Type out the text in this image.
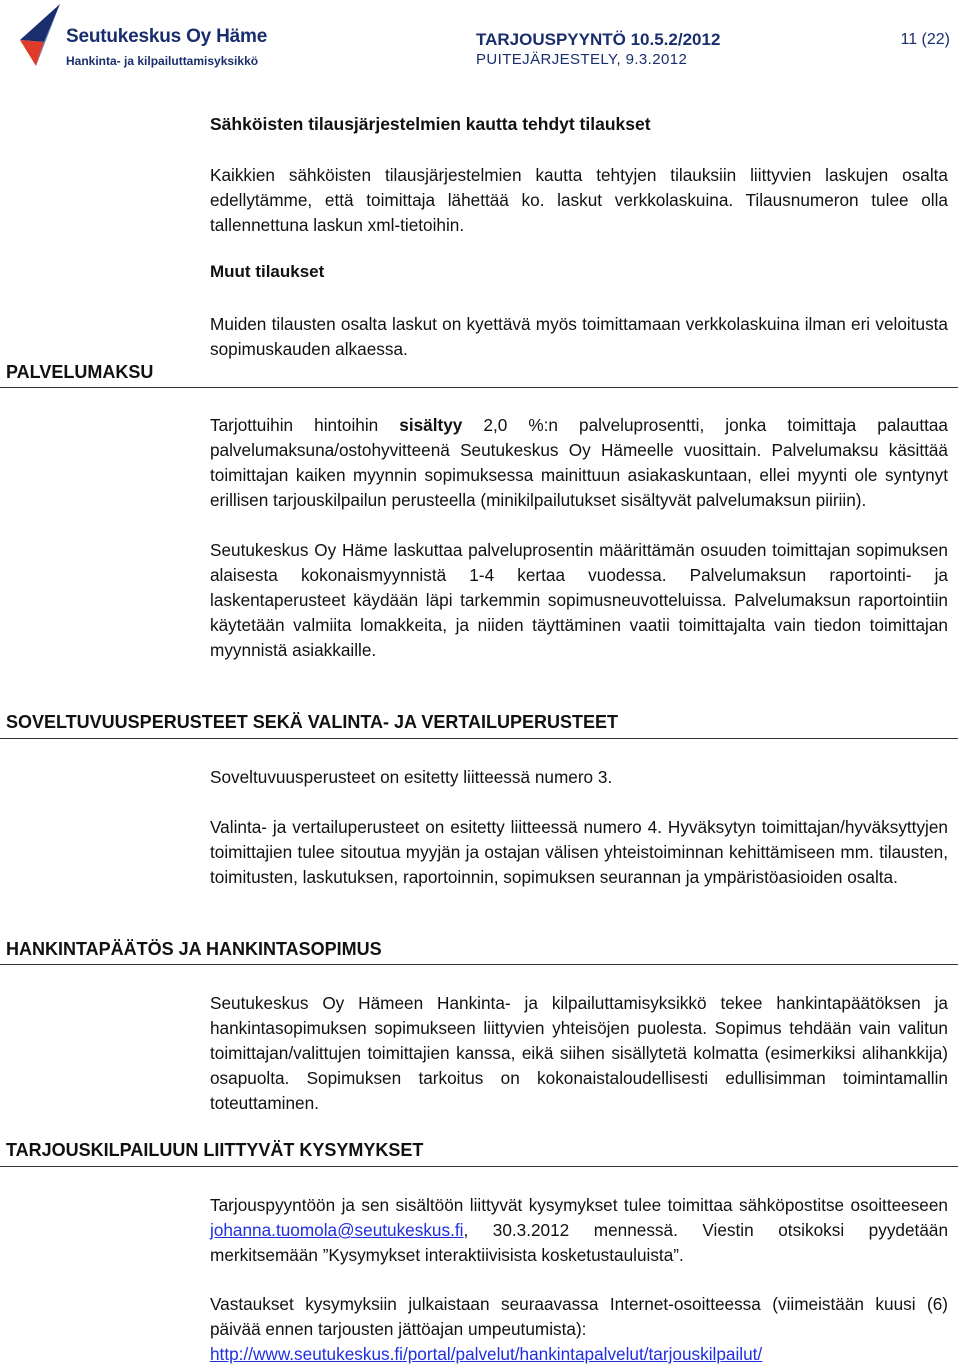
Seutukeskus Oy Häme
Hankinta- ja kilpailuttamisyksikkö
TARJOUSPYYNTÖ 10.5.2/2012
PUITEJÄRJESTELY, 9.3.2012
11 (22)
Sähköisten tilausjärjestelmien kautta tehdyt tilaukset
Kaikkien sähköisten tilausjärjestelmien kautta tehtyjen tilauksiin liittyvien laskujen osalta edellytämme, että toimittaja lähettää ko. laskut verkkolaskuina. Tilausnumeron tulee olla tallennettuna laskun xml-tietoihin.
Muut tilaukset
Muiden tilausten osalta laskut on kyettävä myös toimittamaan verkkolaskuina ilman eri veloitusta sopimuskauden alkaessa.
PALVELUMAKSU
Tarjottuihin hintoihin sisältyy 2,0 %:n palveluprosentti, jonka toimittaja palauttaa palvelumaksuna/ostohyvitteenä Seutukeskus Oy Hämeelle vuosittain. Palvelumaksu käsittää toimittajan kaiken myynnin sopimuksessa mainittuun asiakaskuntaan, ellei myynti ole syntynyt erillisen tarjouskilpailun perusteella (minikilpailutukset sisältyvät palvelumaksun piiriin).
Seutukeskus Oy Häme laskuttaa palveluprosentin määrittämän osuuden toimittajan sopimuksen alaisesta kokonaismyynnistä 1-4 kertaa vuodessa. Palvelumaksun raportointi- ja laskentaperusteet käydään läpi tarkemmin sopimusneuvotteluissa. Palvelumaksun raportointiin käytetään valmiita lomakkeita, ja niiden täyttäminen vaatii toimittajalta vain tiedon toimittajan myynnistä asiakkaille.
SOVELTUVUUSPERUSTEET SEKÄ VALINTA- JA VERTAILUPERUSTEET
Soveltuvuusperusteet on esitetty liitteessä numero 3.
Valinta- ja vertailuperusteet on esitetty liitteessä numero 4. Hyväksytyn toimittajan/hyväksyttyjen toimittajien tulee sitoutua myyjän ja ostajan välisen yhteistoiminnan kehittämiseen mm. tilausten, toimitusten, laskutuksen, raportoinnin, sopimuksen seurannan ja ympäristöasioiden osalta.
HANKINTAPÄÄTÖS JA HANKINTASOPIMUS
Seutukeskus Oy Hämeen Hankinta- ja kilpailuttamisyksikkö tekee hankintapäätöksen ja hankintasopimuksen sopimukseen liittyvien yhteisöjen puolesta. Sopimus tehdään vain valitun toimittajan/valittujen toimittajien kanssa, eikä siihen sisällytetä kolmatta (esimerkiksi alihankkija) osapuolta. Sopimuksen tarkoitus on kokonaistaloudellisesti edullisimman toimintamallin toteuttaminen.
TARJOUSKILPAILUUN LIITTYVÄT KYSYMYKSET
Tarjouspyyntöön ja sen sisältöön liittyvät kysymykset tulee toimittaa sähköpostitse osoitteeseen johanna.tuomola@seutukeskus.fi, 30.3.2012 mennessä. Viestin otsikoksi pyydetään merkitsemään ”Kysymykset interaktiivisista kosketustauluista”.
Vastaukset kysymyksiin julkaistaan seuraavassa Internet-osoitteessa (viimeistään kuusi (6) päivää ennen tarjousten jättöajan umpeutumista):
http://www.seutukeskus.fi/portal/palvelut/hankintapalvelut/tarjouskilpailut/
